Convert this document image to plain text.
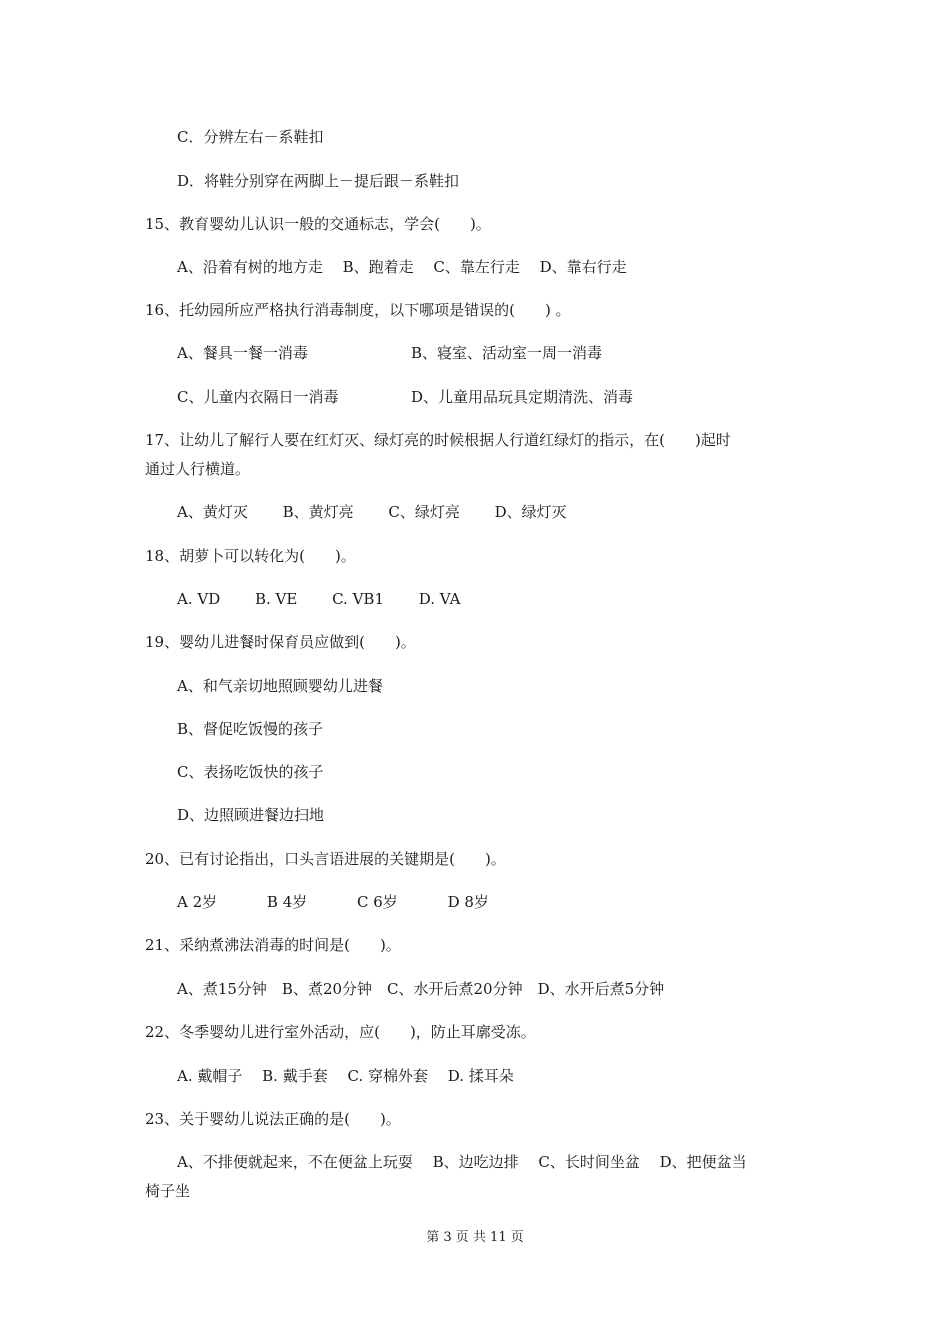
C．分辨左右－系鞋扣
D．将鞋分别穿在两脚上－提后跟－系鞋扣
15、教育婴幼儿认识一般的交通标志，学会(　　)。
A、沿着有树的地方走　 B、跑着走　 C、靠左行走　 D、靠右行走
16、托幼园所应严格执行消毒制度，以下哪项是错误的(　　) 。
A、餐具一餐一消毒	B、寝室、活动室一周一消毒
C、儿童内衣隔日一消毒	D、儿童用品玩具定期清洗、消毒
17、让幼儿了解行人要在红灯灭、绿灯亮的时候根据人行道红绿灯的指示，在(　　)起时
通过人行横道。
A、黄灯灭　　 B、黄灯亮　　 C、绿灯亮　　 D、绿灯灭
18、胡萝卜可以转化为(　　)。
A. VD　　 B. VE　　 C. VB1　　 D. VA
19、婴幼儿进餐时保育员应做到(　　)。
A、和气亲切地照顾婴幼儿进餐
B、督促吃饭慢的孩子
C、表扬吃饭快的孩子
D、边照顾进餐边扫地
20、已有讨论指出，口头言语进展的关键期是(　　)。
A 2岁　　　 B 4岁　　　 C 6岁　　　 D 8岁
21、采纳煮沸法消毒的时间是(　　)。
A、煮15分钟　B、煮20分钟　C、水开后煮20分钟　D、水开后煮5分钟
22、冬季婴幼儿进行室外活动，应(　　)，防止耳廓受冻。
A. 戴帽子　 B. 戴手套　 C. 穿棉外套　 D. 揉耳朵
23、关于婴幼儿说法正确的是(　　)。
A、不排便就起来，不在便盆上玩耍　 B、边吃边排　 C、长时间坐盆　 D、把便盆当
椅子坐
第 3 页 共 11 页
